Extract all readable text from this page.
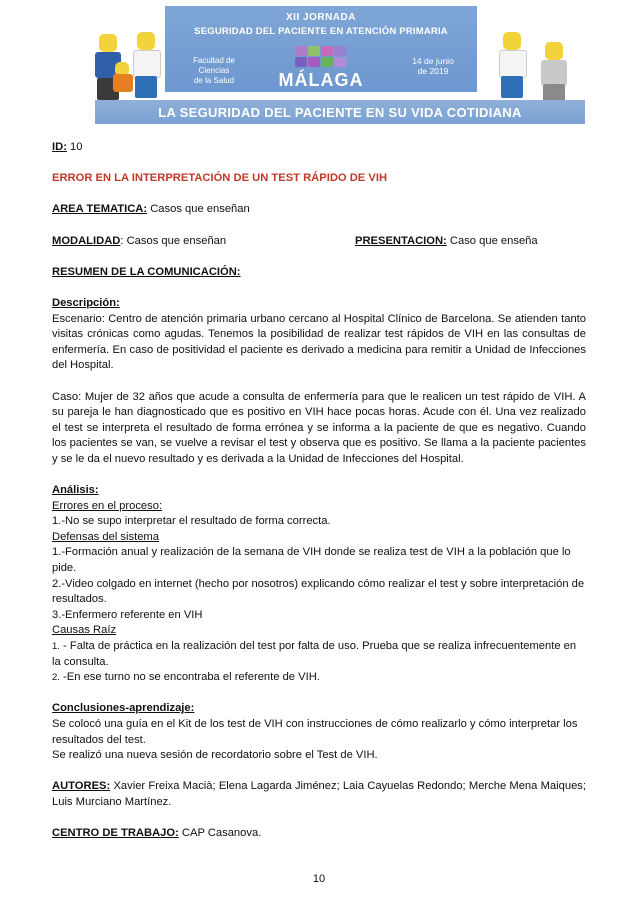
XII JORNADA
SEGURIDAD DEL PACIENTE EN ATENCIÓN PRIMARIA
Facultad de Ciencias
de la Salud
14 de junio
de 2019
MÁLAGA
LA SEGURIDAD DEL PACIENTE EN SU VIDA COTIDIANA
ID: 10
ERROR EN LA INTERPRETACIÓN DE UN TEST RÁPIDO DE VIH
AREA TEMATICA: Casos que enseñan
MODALIDAD: Casos que enseñan	PRESENTACION: Caso que enseña
RESUMEN DE LA COMUNICACIÓN:
Descripción:
Escenario: Centro de atención primaria urbano cercano al Hospital Clínico de Barcelona. Se atienden tanto visitas crónicas como agudas. Tenemos la posibilidad de realizar test rápidos de VIH en las consultas de enfermería. En caso de positividad el paciente es derivado a medicina para remitir a Unidad de Infecciones del Hospital.
Caso: Mujer de 32 años que acude a consulta de enfermería para que le realicen un test rápido de VIH. A su pareja le han diagnosticado que es positivo en VIH hace pocas horas. Acude con él. Una vez realizado el test se interpreta el resultado de forma errónea y se informa a la paciente de que es negativo. Cuando los pacientes se van, se vuelve a revisar el test y observa que es positivo. Se llama a la paciente pacientes y se le da el nuevo resultado y es derivada a la Unidad de Infecciones del Hospital.
Análisis:
Errores en el proceso:
1.-No se supo interpretar el resultado de forma correcta.
Defensas del sistema
1.-Formación anual y realización de la semana de VIH donde se realiza test de VIH a la población que lo pide.
2.-Video colgado en internet (hecho por nosotros) explicando cómo realizar el test y sobre interpretación de resultados.
3.-Enfermero referente en VIH
Causas Raíz
1. - Falta de práctica en la realización del test por falta de uso. Prueba que se realiza infrecuentemente en la consulta.
2. -En ese turno no se encontraba el referente de VIH.
Conclusiones-aprendizaje:
Se colocó una guía en el Kit de los test de VIH con instrucciones de cómo realizarlo y cómo interpretar los resultados del test.
Se realizó una nueva sesión de recordatorio sobre el Test de VIH.
AUTORES: Xavier Freixa Macià; Elena Lagarda Jiménez; Laia Cayuelas Redondo; Merche Mena Maiques; Luis Murciano Martínez.
CENTRO DE TRABAJO: CAP Casanova.
10
